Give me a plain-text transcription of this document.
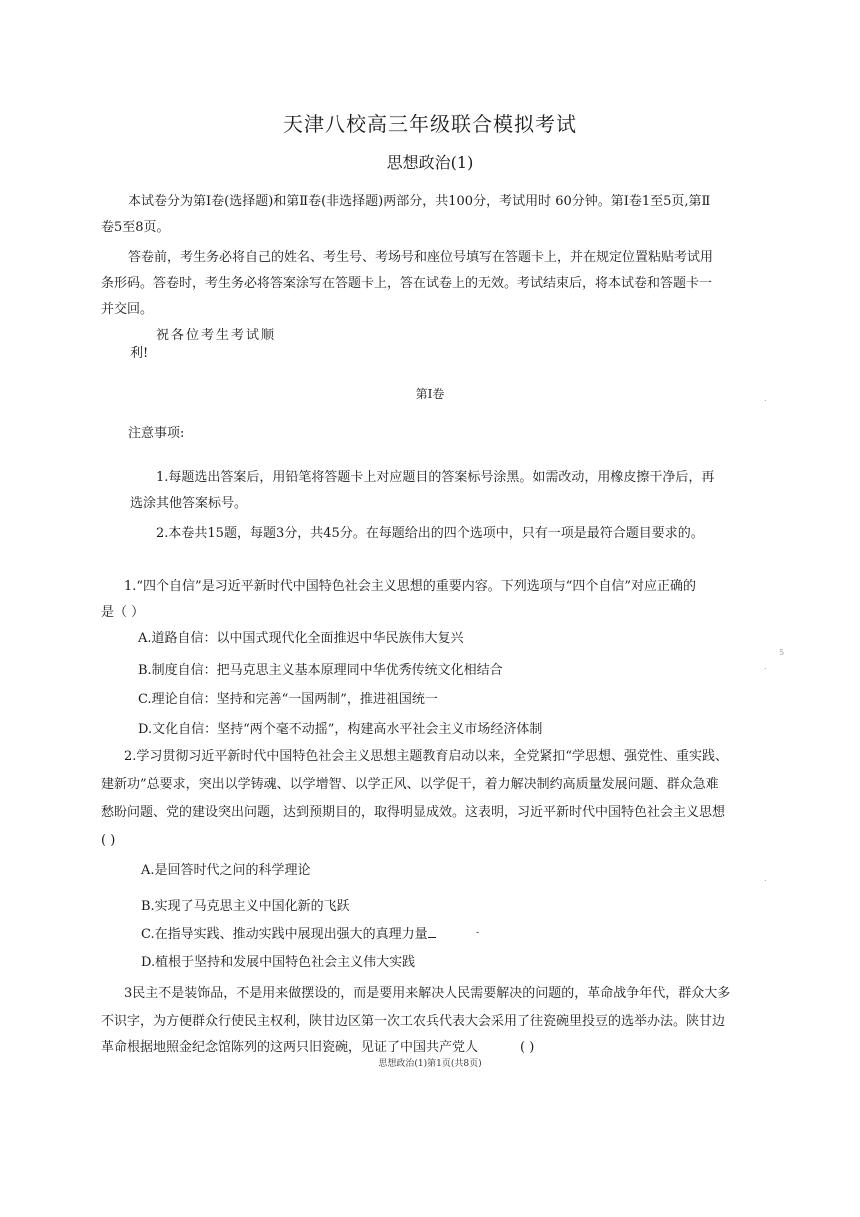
天津八校高三年级联合模拟考试
思想政治(1)
本试卷分为第Ⅰ卷(选择题)和第Ⅱ卷(非选择题)两部分，共100分，考试用时 60分钟。第Ⅰ卷1至5页,第Ⅱ
卷5至8页。
答卷前，考生务必将自己的姓名、考生号、考场号和座位号填写在答题卡上，并在规定位置粘贴考试用
条形码。答卷时，考生务必将答案涂写在答题卡上，答在试卷上的无效。考试结束后，将本试卷和答题卡一
并交回。
祝各位考生考试顺
利!
第Ⅰ卷
注意事项:
1.每题选出答案后，用铅笔将答题卡上对应题目的答案标号涂黑。如需改动，用橡皮擦干净后，再
选涂其他答案标号。
2.本卷共15题，每题3分，共45分。在每题给出的四个选项中，只有一项是最符合题目要求的。
1.“四个自信”是习近平新时代中国特色社会主义思想的重要内容。下列选项与“四个自信”对应正确的
是（ ）
A.道路自信：以中国式现代化全面推迟中华民族伟大复兴
B.制度自信：把马克思主义基本原理同中华优秀传统文化相结合
C.理论自信：坚持和完善“一国两制”，推进祖国统一
D.文化自信：坚持“两个毫不动摇”，构建高水平社会主义市场经济体制
2.学习贯彻习近平新时代中国特色社会主义思想主题教育启动以来，全党紧扣“学思想、强党性、重实践、
建新功”总要求，突出以学铸魂、以学增智、以学正风、以学促干，着力解决制约高质量发展问题、群众急难
愁盼问题、党的建设突出问题，达到预期目的，取得明显成效。这表明，习近平新时代中国特色社会主义思想
( )
A.是回答时代之问的科学理论
B.实现了马克思主义中国化新的飞跃
C.在指导实践、推动实践中展现出强大的真理力量	-
D.植根于坚持和发展中国特色社会主义伟大实践
3民主不是装饰品，不是用来做摆设的，而是要用来解决人民需要解决的问题的，革命战争年代，群众大多
不识字，为方便群众行使民主权利，陕甘边区第一次工农兵代表大会采用了往瓷碗里投豆的选举办法。陕甘边
革命根据地照金纪念馆陈列的这两只旧瓷碗，见证了中国共产党人	( )
.
5
.
.
思想政治(1)第1页(共8页)
